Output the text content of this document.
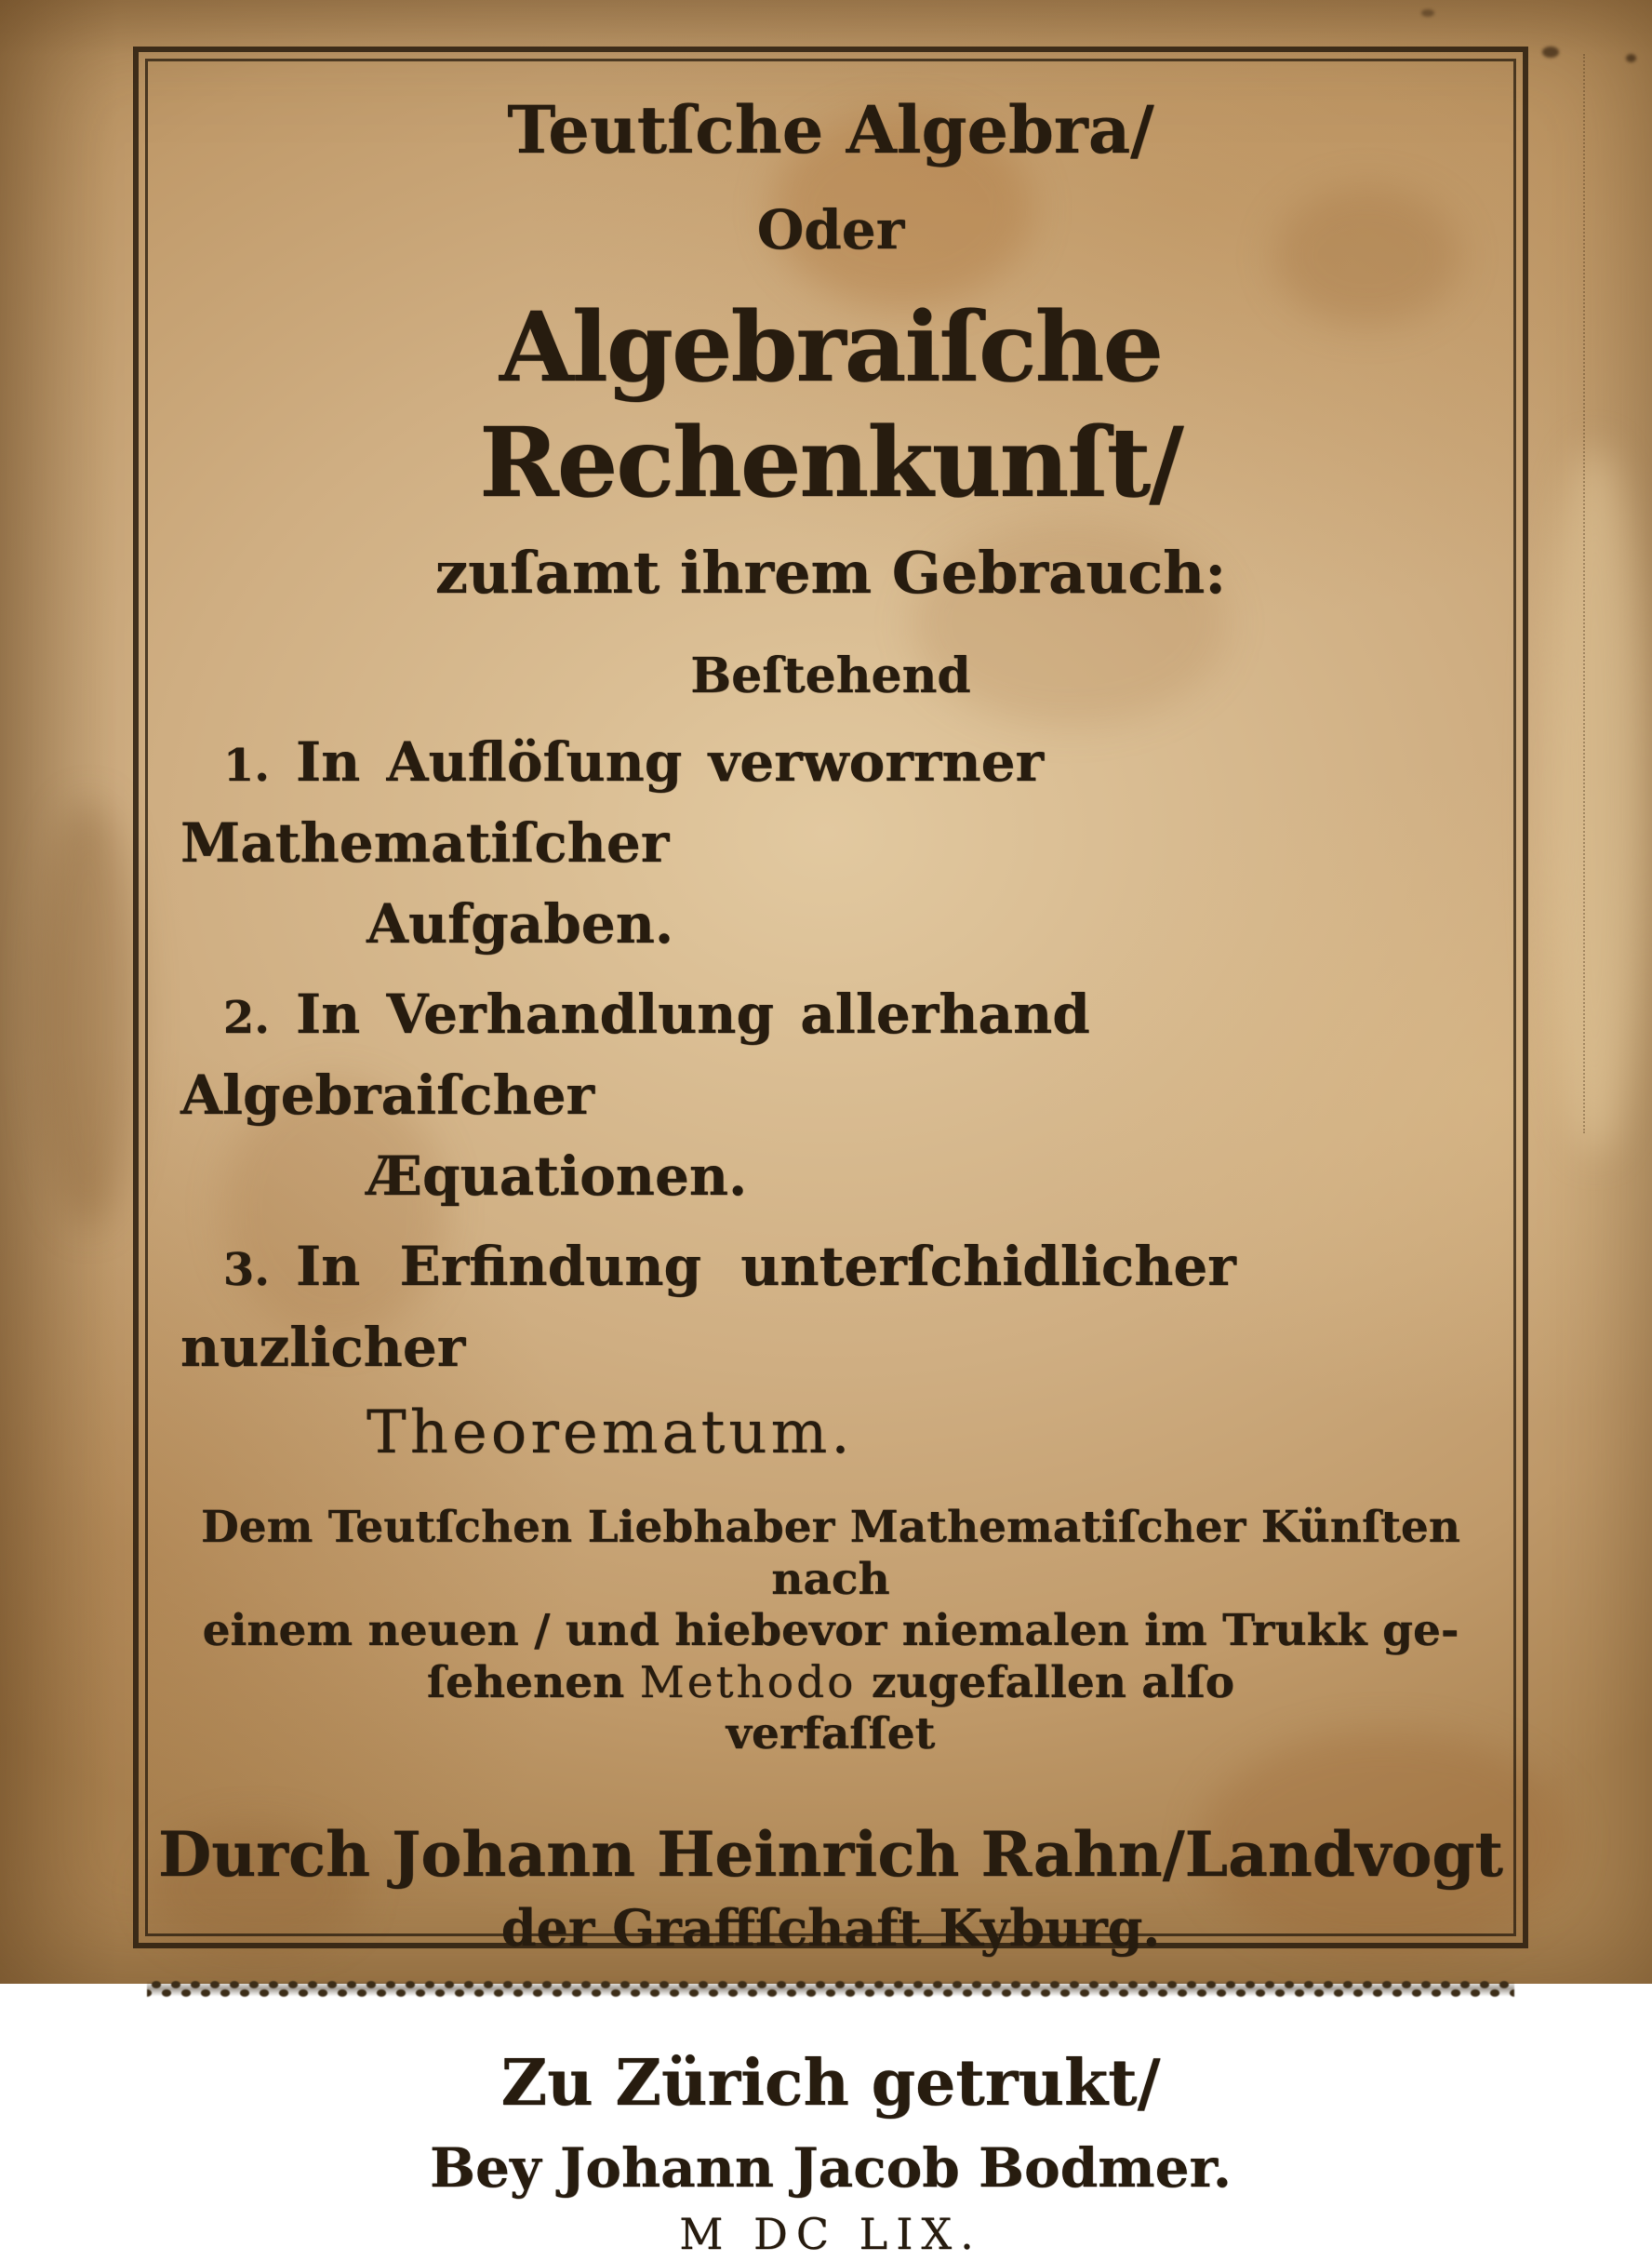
Teutſche Algebra/
Oder
Algebraiſche Rechenkunſt/
zuſamt ihrem Gebrauch:
Beſtehend
1. In Auflöſung verworrner Mathematiſcher
Aufgaben.
2. In Verhandlung allerhand Algebraiſcher
Æquationen.
3. In Erfindung unterſchidlicher nuzlicher
Theorematum.
Dem Teutſchen Liebhaber Mathematiſcher Künſten nach
einem neuen / und hiebevor niemalen im Trukk ge-
ſehenen Methodo zugefallen alſo
verfaſſet
Durch Johann Heinrich Rahn/Landvogt
der Graffſchaft Kyburg.
Zu Zürich getrukt/
Bey Johann Jacob Bodmer.
M DC LIX.
